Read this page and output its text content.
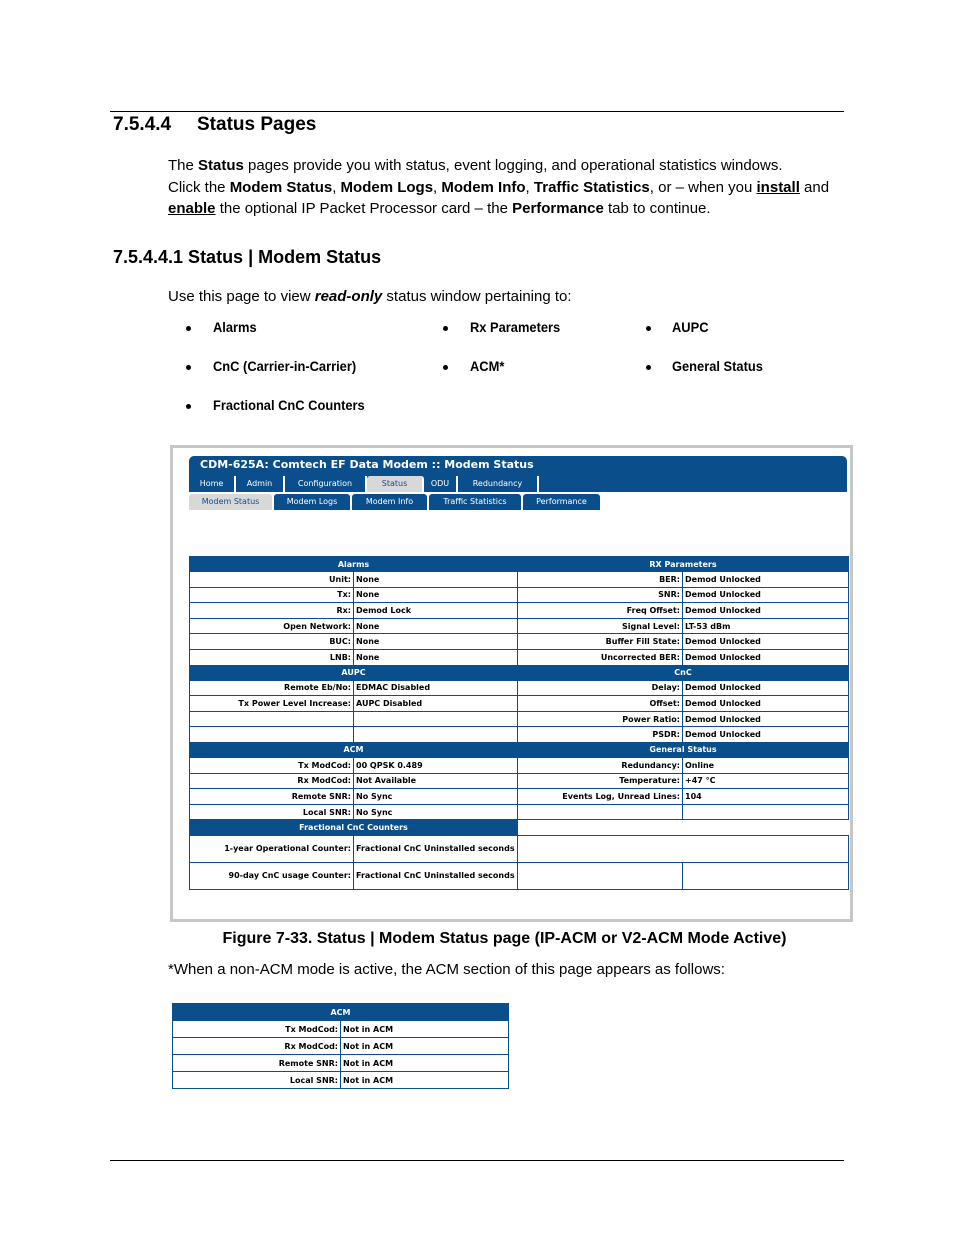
7.5.4.4 Status Pages
The Status pages provide you with status, event logging, and operational statistics windows.
Click the Modem Status, Modem Logs, Modem Info, Traffic Statistics, or – when you install and
enable the optional IP Packet Processor card – the Performance tab to continue.
7.5.4.4.1 Status | Modem Status
Use this page to view read-only status window pertaining to:
Alarms	Rx Parameters	AUPC
CnC (Carrier-in-Carrier)	ACM*	General Status
Fractional CnC Counters
CDM-625A: Comtech EF Data Modem :: Modem Status
Home	Admin	Configuration	Status	ODU	Redundancy
Modem Status	Modem Logs	Modem Info	Traffic Statistics	Performance
Alarms		RX Parameters	
Unit:	None	BER:	Demod Unlocked
Tx:	None	SNR:	Demod Unlocked
Rx:	Demod Lock	Freq Offset:	Demod Unlocked
Open Network:	None	Signal Level:	LT-53 dBm
BUC:	None	Buffer Fill State:	Demod Unlocked
LNB:	None	Uncorrected BER:	Demod Unlocked
AUPC		CnC	
Remote Eb/No:	EDMAC Disabled	Delay:	Demod Unlocked
Tx Power Level Increase:	AUPC Disabled	Offset:	Demod Unlocked
		Power Ratio:	Demod Unlocked
		PSDR:	Demod Unlocked
ACM		General Status	
Tx ModCod:	00 QPSK 0.489	Redundancy:	Online
Rx ModCod:	Not Available	Temperature:	+47 °C
Remote SNR:	No Sync	Events Log, Unread Lines:	104
Local SNR:	No Sync		
Fractional CnC Counters			
1-year Operational Counter:	Fractional CnC Uninstalled seconds		
90-day CnC usage Counter:	Fractional CnC Uninstalled seconds		
Figure 7-33. Status | Modem Status page (IP-ACM or V2-ACM Mode Active)
*When a non-ACM mode is active, the ACM section of this page appears as follows:
ACM	
Tx ModCod:	Not in ACM
Rx ModCod:	Not in ACM
Remote SNR:	Not in ACM
Local SNR:	Not in ACM
